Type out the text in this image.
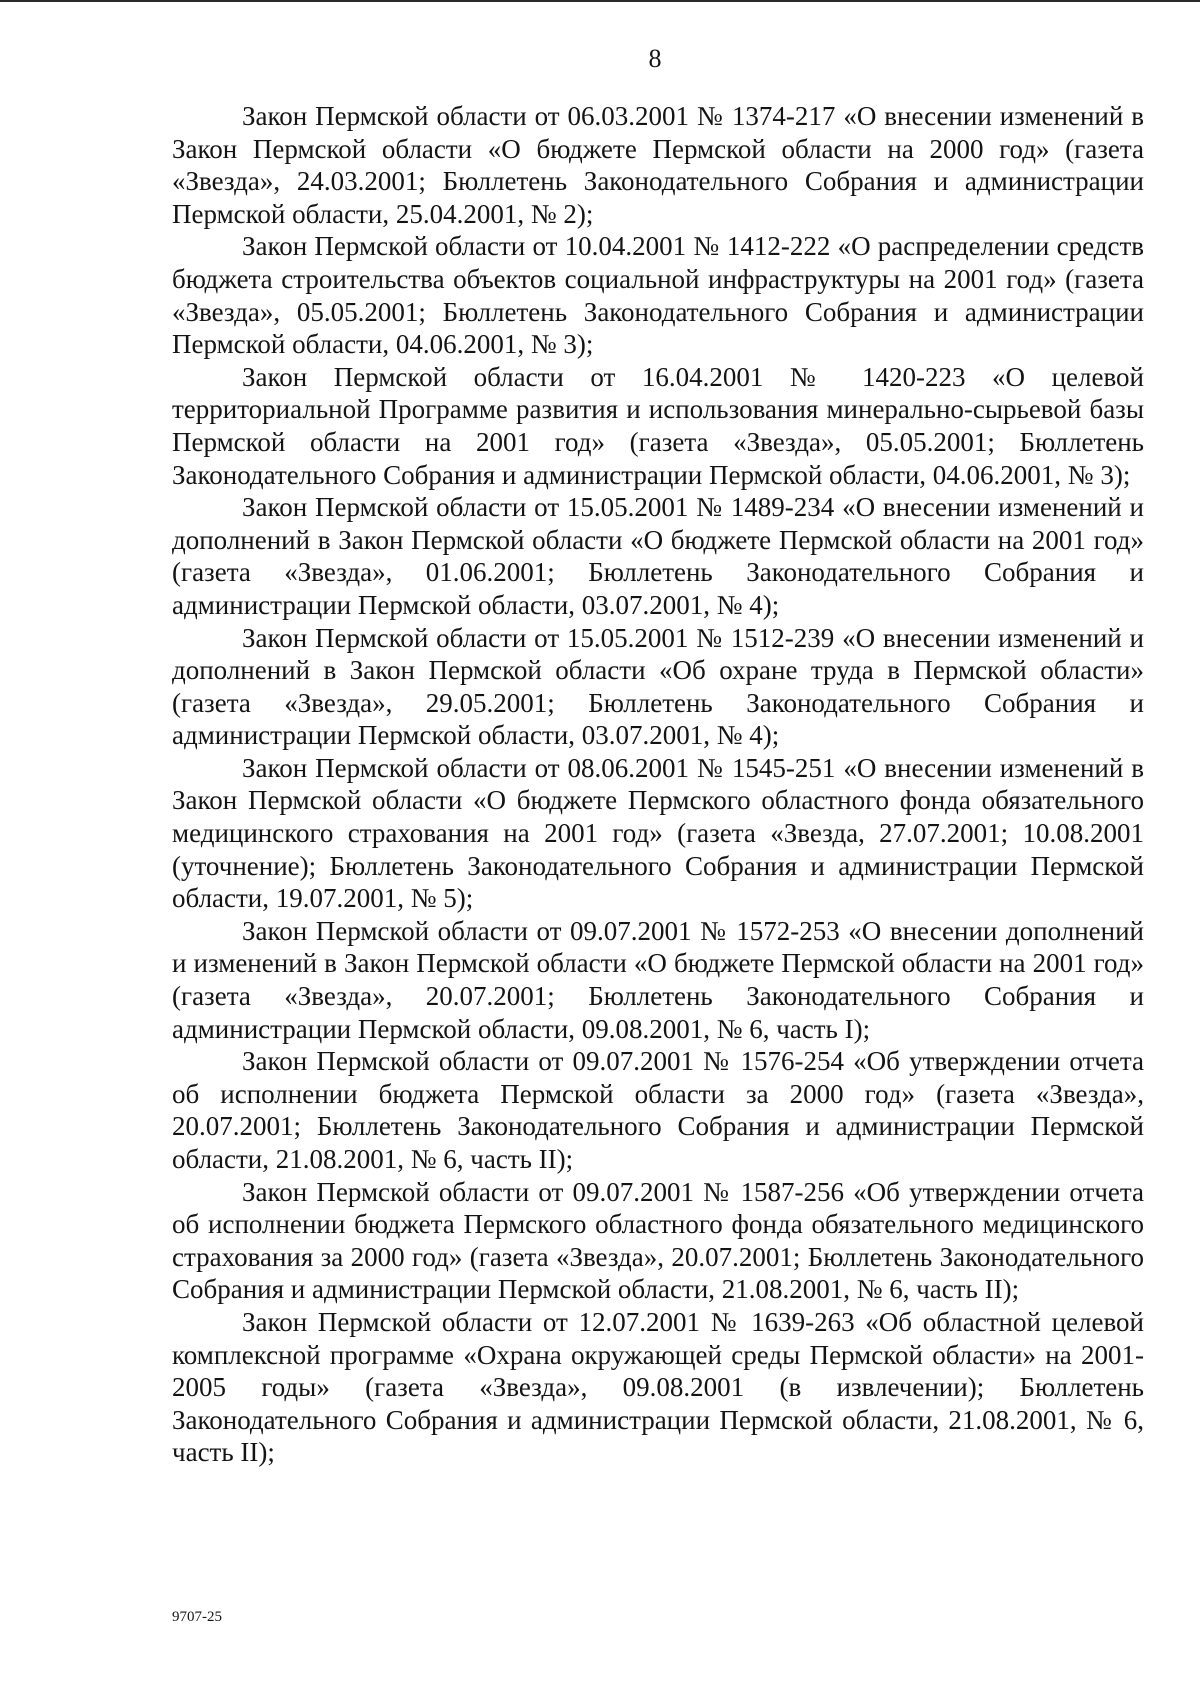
8

Закон Пермской области от 06.03.2001 № 1374-217 «О внесении изменений в Закон Пермской области «О бюджете Пермской области на 2000 год» (газета «Звезда», 24.03.2001; Бюллетень Законодательного Собрания и администрации Пермской области, 25.04.2001, № 2);

Закон Пермской области от 10.04.2001 № 1412-222 «О распределении средств бюджета строительства объектов социальной инфраструктуры на 2001 год» (газета «Звезда», 05.05.2001; Бюллетень Законодательного Собрания и администрации Пермской области, 04.06.2001, № 3);

Закон Пермской области от 16.04.2001 № 1420-223 «О целевой территориальной Программе развития и использования минерально-сырьевой базы Пермской области на 2001 год» (газета «Звезда», 05.05.2001; Бюллетень Законодательного Собрания и администрации Пермской области, 04.06.2001, № 3);

Закон Пермской области от 15.05.2001 № 1489-234 «О внесении изменений и дополнений в Закон Пермской области «О бюджете Пермской области на 2001 год» (газета «Звезда», 01.06.2001; Бюллетень Законодательного Собрания и администрации Пермской области, 03.07.2001, № 4);

Закон Пермской области от 15.05.2001 № 1512-239 «О внесении изменений и дополнений в Закон Пермской области «Об охране труда в Пермской области» (газета «Звезда», 29.05.2001; Бюллетень Законодательного Собрания и администрации Пермской области, 03.07.2001, № 4);

Закон Пермской области от 08.06.2001 № 1545-251 «О внесении изменений в Закон Пермской области «О бюджете Пермского областного фонда обязательного медицинского страхования на 2001 год» (газета «Звезда, 27.07.2001; 10.08.2001 (уточнение); Бюллетень Законодательного Собрания и администрации Пермской области, 19.07.2001, № 5);

Закон Пермской области от 09.07.2001 № 1572-253 «О внесении дополнений и изменений в Закон Пермской области «О бюджете Пермской области на 2001 год» (газета «Звезда», 20.07.2001; Бюллетень Законодательного Собрания и администрации Пермской области, 09.08.2001, № 6, часть I);

Закон Пермской области от 09.07.2001 № 1576-254 «Об утверждении отчета об исполнении бюджета Пермской области за 2000 год» (газета «Звезда», 20.07.2001; Бюллетень Законодательного Собрания и администрации Пермской области, 21.08.2001, № 6, часть II);

Закон Пермской области от 09.07.2001 № 1587-256 «Об утверждении отчета об исполнении бюджета Пермского областного фонда обязательного медицинского страхования за 2000 год» (газета «Звезда», 20.07.2001; Бюллетень Законодательного Собрания и администрации Пермской области, 21.08.2001, № 6, часть II);

Закон Пермской области от 12.07.2001 № 1639-263 «Об областной целевой комплексной программе «Охрана окружающей среды Пермской области» на 2001-2005 годы» (газета «Звезда», 09.08.2001 (в извлечении); Бюллетень Законодательного Собрания и администрации Пермской области, 21.08.2001, № 6, часть II);

9707-25
